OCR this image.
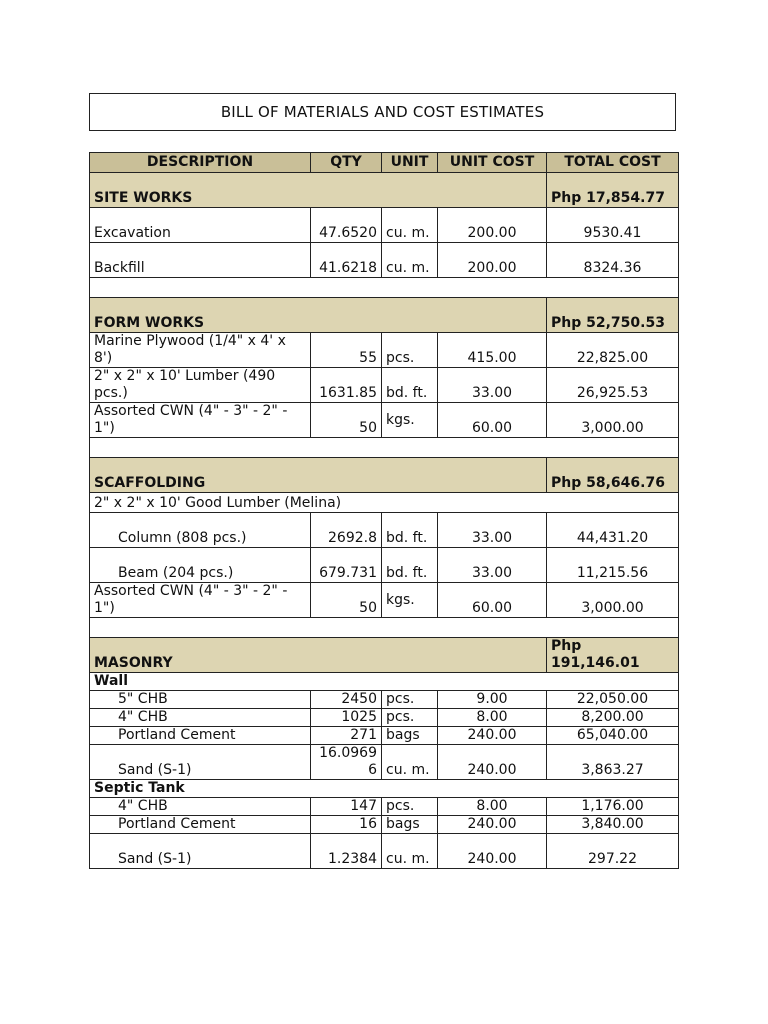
BILL OF MATERIALS AND COST ESTIMATES
DESCRIPTION	QTY	UNIT	UNIT COST	TOTAL COST
SITE WORKS				Php 17,854.77
Excavation	47.6520	cu. m.	200.00	9530.41
Backfill	41.6218	cu. m.	200.00	8324.36

FORM WORKS				Php 52,750.53
Marine Plywood (1/4" x 4' x 8')	55	pcs.	415.00	22,825.00
2" x 2" x 10' Lumber (490 pcs.)	1631.85	bd. ft.	33.00	26,925.53
Assorted CWN (4" - 3" - 2" - 1")	50	kgs.	60.00	3,000.00

SCAFFOLDING				Php 58,646.76
2" x 2" x 10' Good Lumber (Melina)				
Column (808 pcs.)	2692.8	bd. ft.	33.00	44,431.20
Beam (204 pcs.)	679.731	bd. ft.	33.00	11,215.56
Assorted CWN (4" - 3" - 2" - 1")	50	kgs.	60.00	3,000.00

MASONRY				Php 191,146.01
Wall				
5" CHB	2450	pcs.	9.00	22,050.00
4" CHB	1025	pcs.	8.00	8,200.00
Portland Cement	271	bags	240.00	65,040.00
Sand (S-1)	16.09696	cu. m.	240.00	3,863.27
Septic Tank				
4" CHB	147	pcs.	8.00	1,176.00
Portland Cement	16	bags	240.00	3,840.00
Sand (S-1)	1.2384	cu. m.	240.00	297.22
